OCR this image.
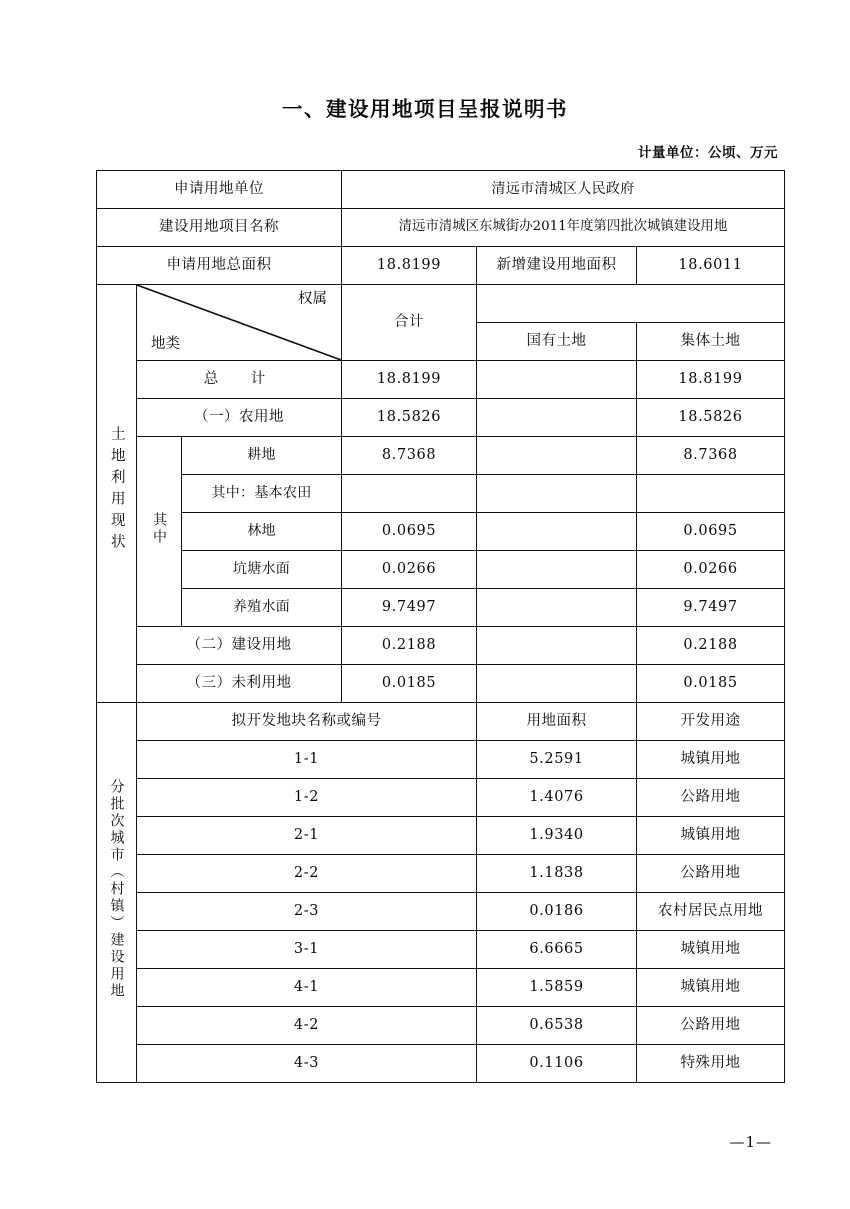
一、建设用地项目呈报说明书
计量单位：公顷、万元
申请用地单位			清远市清城区人民政府		
建设用地项目名称			清远市清城区东城街办2011年度第四批次城镇建设用地		
申请用地总面积			18.8199	新增建设用地面积	18.6011
土地利用现状	权属
地类		合计		
				国有土地	集体土地
	总　计		18.8199		18.8199
	（一）农用地		18.5826		18.5826
	其中	耕地	8.7368		8.7368
		其中：基本农田			
		林地	0.0695		0.0695
		坑塘水面	0.0266		0.0266
		养殖水面	9.7497		9.7497
	（二）建设用地		0.2188		0.2188
	（三）未利用地		0.0185		0.0185
分批次城市（村镇）建设用地	拟开发地块名称或编号			用地面积	开发用途
	1-1			5.2591	城镇用地
	1-2			1.4076	公路用地
	2-1			1.9340	城镇用地
	2-2			1.1838	公路用地
	2-3			0.0186	农村居民点用地
	3-1			6.6665	城镇用地
	4-1			1.5859	城镇用地
	4-2			0.6538	公路用地
	4-3			0.1106	特殊用地
—1—
